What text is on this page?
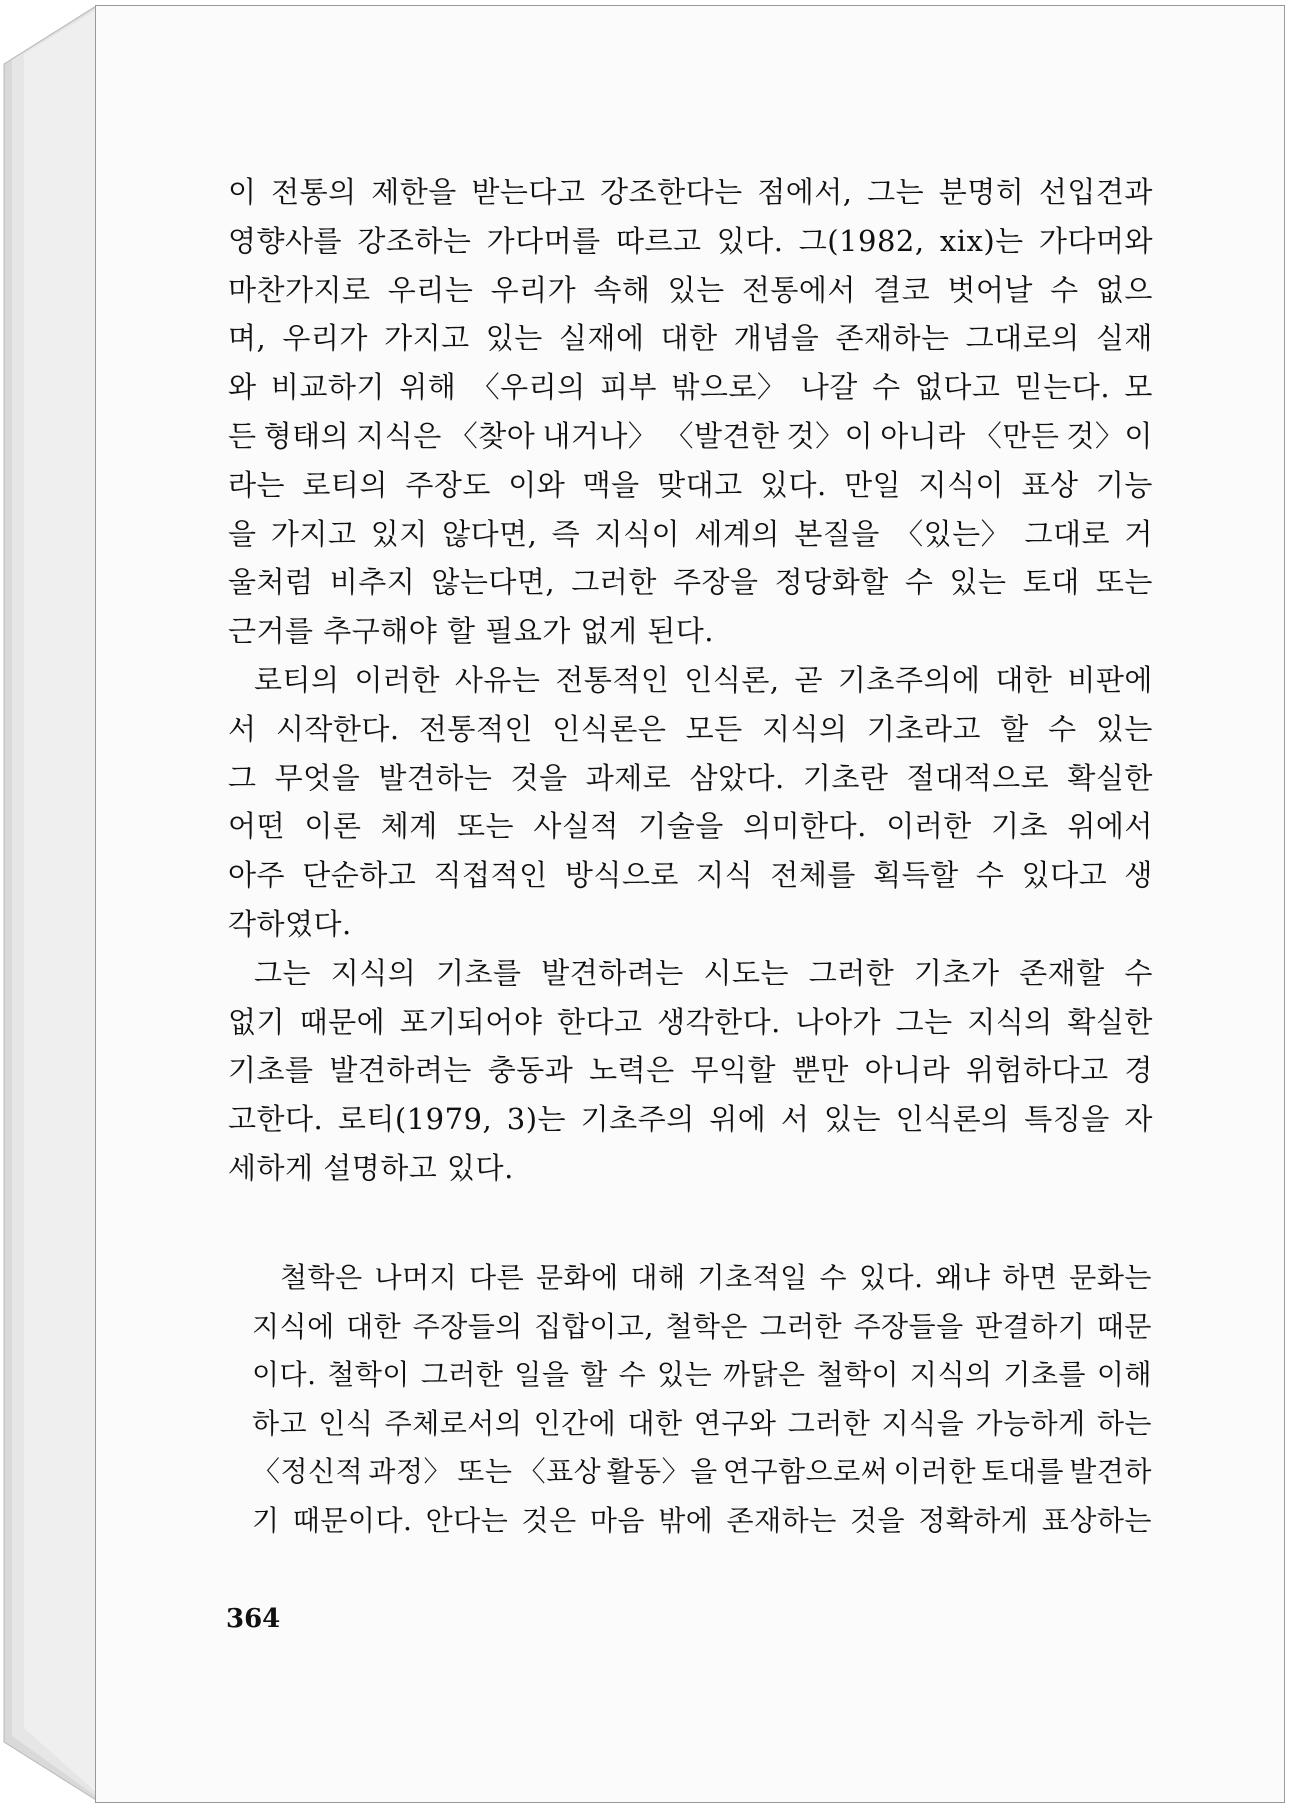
이 전통의 제한을 받는다고 강조한다는 점에서, 그는 분명히 선입견과
영향사를 강조하는 가다머를 따르고 있다. 그(1982, xix)는 가다머와
마찬가지로 우리는 우리가 속해 있는 전통에서 결코 벗어날 수 없으
며, 우리가 가지고 있는 실재에 대한 개념을 존재하는 그대로의 실재
와 비교하기 위해 〈우리의 피부 밖으로〉 나갈 수 없다고 믿는다. 모
든 형태의 지식은 〈찾아 내거나〉 〈발견한 것〉이 아니라 〈만든 것〉이
라는 로티의 주장도 이와 맥을 맞대고 있다. 만일 지식이 표상 기능
을 가지고 있지 않다면, 즉 지식이 세계의 본질을 〈있는〉 그대로 거
울처럼 비추지 않는다면, 그러한 주장을 정당화할 수 있는 토대 또는
근거를 추구해야 할 필요가 없게 된다.
로티의 이러한 사유는 전통적인 인식론, 곧 기초주의에 대한 비판에
서 시작한다. 전통적인 인식론은 모든 지식의 기초라고 할 수 있는
그 무엇을 발견하는 것을 과제로 삼았다. 기초란 절대적으로 확실한
어떤 이론 체계 또는 사실적 기술을 의미한다. 이러한 기초 위에서
아주 단순하고 직접적인 방식으로 지식 전체를 획득할 수 있다고 생
각하였다.
그는 지식의 기초를 발견하려는 시도는 그러한 기초가 존재할 수
없기 때문에 포기되어야 한다고 생각한다. 나아가 그는 지식의 확실한
기초를 발견하려는 충동과 노력은 무익할 뿐만 아니라 위험하다고 경
고한다. 로티(1979, 3)는 기초주의 위에 서 있는 인식론의 특징을 자
세하게 설명하고 있다.
철학은 나머지 다른 문화에 대해 기초적일 수 있다. 왜냐 하면 문화는
지식에 대한 주장들의 집합이고, 철학은 그러한 주장들을 판결하기 때문
이다. 철학이 그러한 일을 할 수 있는 까닭은 철학이 지식의 기초를 이해
하고 인식 주체로서의 인간에 대한 연구와 그러한 지식을 가능하게 하는
〈정신적 과정〉 또는 〈표상 활동〉을 연구함으로써 이러한 토대를 발견하
기 때문이다. 안다는 것은 마음 밖에 존재하는 것을 정확하게 표상하는
364
